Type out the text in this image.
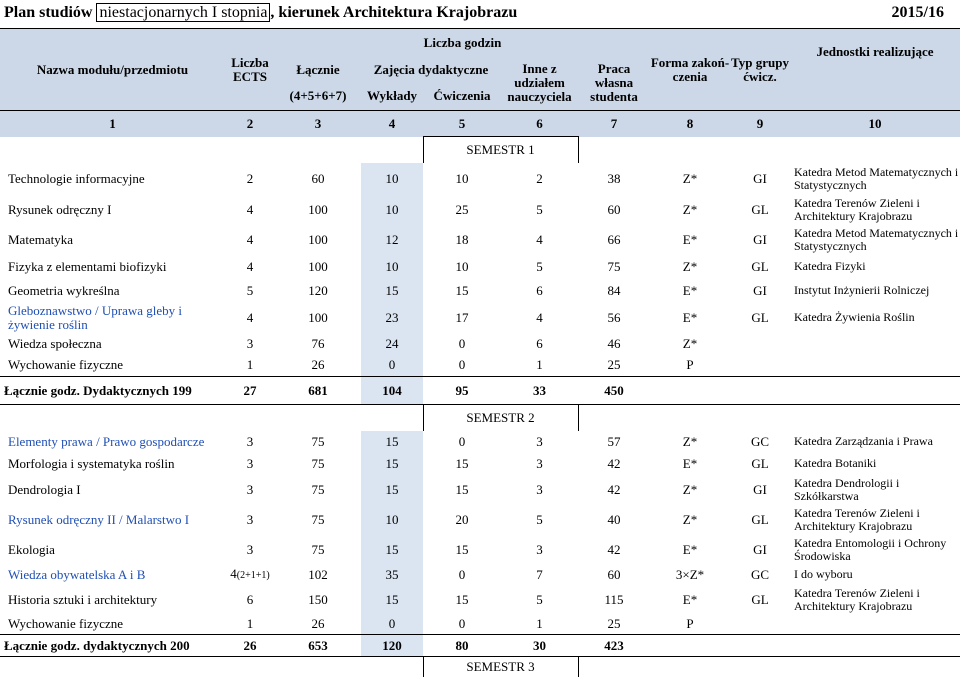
Plan studiów niestacjonarnych I stopnia , kierunek Architektura Krajobrazu	2015/16
Nazwa modułu/przedmiotu	Liczba ECTS	Liczba godzin					Forma zakoń-czenia	Typ grupy ćwicz.	Jednostki realizujące
		Łącznie	Zajęcia dydaktyczne		Inne z udziałem nauczyciela	Praca własna studenta			
		(4+5+6+7)	Wykłady	Ćwiczenia					
1	2	3	4	5	6	7	8	9	10
				SEMESTR 1					
Technologie informacyjne	2	60	10	10	2	38	Z*	GI	Katedra Metod Matematycznych i Statystycznych
Rysunek odręczny I	4	100	10	25	5	60	Z*	GL	Katedra Terenów Zieleni i Architektury Krajobrazu
Matematyka	4	100	12	18	4	66	E*	GI	Katedra Metod Matematycznych i Statystycznych
Fizyka z elementami biofizyki	4	100	10	10	5	75	Z*	GL	Katedra Fizyki
Geometria wykreślna	5	120	15	15	6	84	E*	GI	Instytut Inżynierii Rolniczej
Gleboznawstwo / Uprawa gleby i żywienie roślin	4	100	23	17	4	56	E*	GL	Katedra Żywienia Roślin
Wiedza społeczna	3	76	24	0	6	46	Z*		
Wychowanie fizyczne	1	26	0	0	1	25	P		
Łącznie godz. Dydaktycznych 199	27	681	104	95	33	450			
				SEMESTR 2					
Elementy prawa / Prawo gospodarcze	3	75	15	0	3	57	Z*	GC	Katedra Zarządzania i Prawa
Morfologia i systematyka roślin	3	75	15	15	3	42	E*	GL	Katedra Botaniki
Dendrologia I	3	75	15	15	3	42	Z*	GI	Katedra Dendrologii i Szkółkarstwa
Rysunek odręczny II / Malarstwo I	3	75	10	20	5	40	Z*	GL	Katedra Terenów Zieleni i Architektury Krajobrazu
Ekologia	3	75	15	15	3	42	E*	GI	Katedra Entomologii i Ochrony Środowiska
Wiedza obywatelska A i B	4(2+1+1)	102	35	0	7	60	3×Z*	GC	I do wyboru
Historia sztuki i architektury	6	150	15	15	5	115	E*	GL	Katedra Terenów Zieleni i Architektury Krajobrazu
Wychowanie fizyczne	1	26	0	0	1	25	P		
Łącznie godz. dydaktycznych 200	26	653	120	80	30	423			
				SEMESTR 3					
